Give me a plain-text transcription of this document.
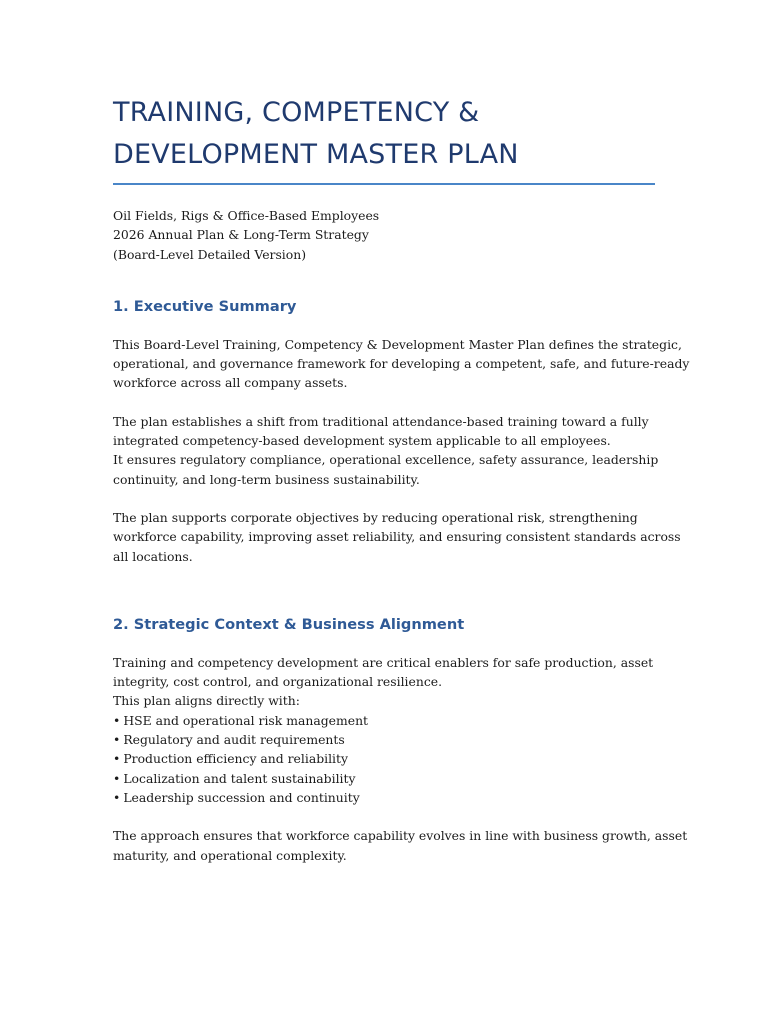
TRAINING, COMPETENCY &
DEVELOPMENT MASTER PLAN
Oil Fields, Rigs & Office-Based Employees
2026 Annual Plan & Long-Term Strategy
(Board-Level Detailed Version)
1. Executive Summary

This Board-Level Training, Competency & Development Master Plan defines the strategic,
operational, and governance framework for developing a competent, safe, and future-ready
workforce across all company assets.

The plan establishes a shift from traditional attendance-based training toward a fully
integrated competency-based development system applicable to all employees.
It ensures regulatory compliance, operational excellence, safety assurance, leadership
continuity, and long-term business sustainability.

The plan supports corporate objectives by reducing operational risk, strengthening
workforce capability, improving asset reliability, and ensuring consistent standards across
all locations.

2. Strategic Context & Business Alignment

Training and competency development are critical enablers for safe production, asset
integrity, cost control, and organizational resilience.
This plan aligns directly with:

• HSE and operational risk management
• Regulatory and audit requirements
• Production efficiency and reliability
• Localization and talent sustainability
• Leadership succession and continuity

The approach ensures that workforce capability evolves in line with business growth, asset
maturity, and operational complexity.
